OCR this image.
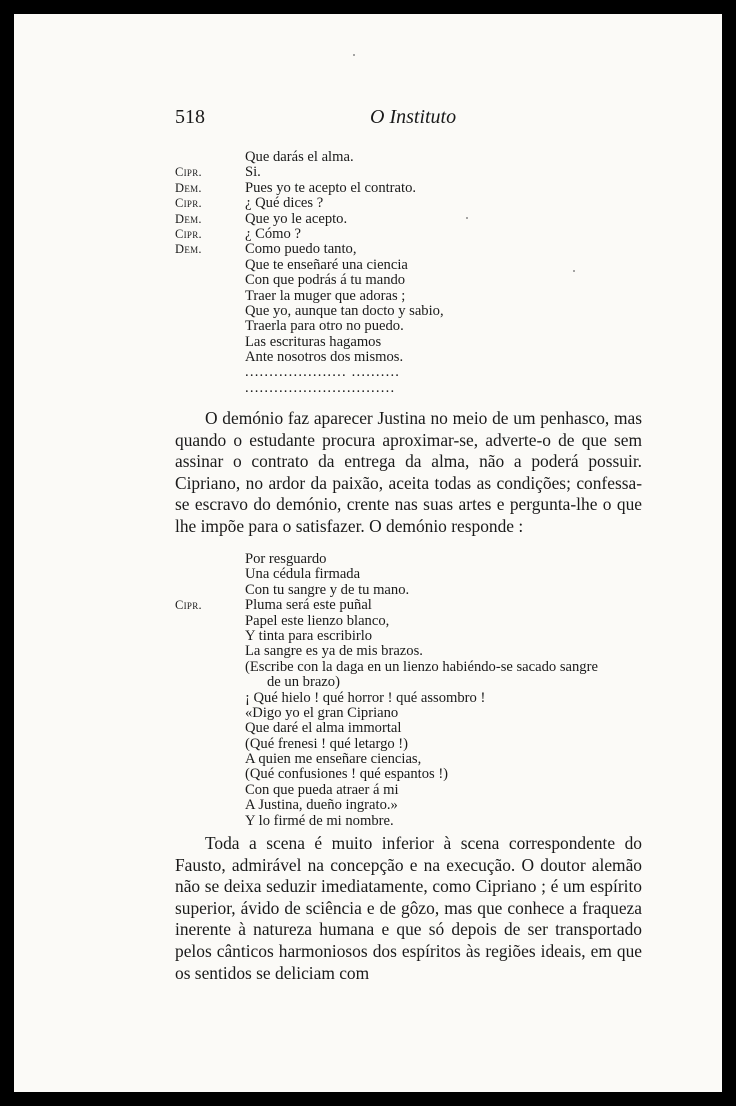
518	O Instituto
Que darás el alma.
Cipr.	Si.
Dem.	Pues yo te acepto el contrato.
Cipr.	¿ Qué dices ?
Dem.	Que yo le acepto.
Cipr.	¿ Cómo ?
Dem.	Como puedo tanto,
Que te enseñaré una ciencia
Con que podrás á tu mando
Traer la muger que adoras ;
Que yo, aunque tan docto y sabio,
Traerla para otro no puedo.
Las escrituras hagamos
Ante nosotros dos mismos.
..................... ..........
...............................

O demónio faz aparecer Justina no meio de um penhasco, mas quando o estudante procura aproximar-se, adverte-o de que sem assinar o contrato da entrega da alma, não a poderá possuir. Cipriano, no ardor da paixão, aceita todas as condições; confessa-se escravo do demónio, crente nas suas artes e pergunta-lhe o que lhe impõe para o satisfazer. O demónio responde :

Por resguardo
Una cédula firmada
Con tu sangre y de tu mano.
Cipr.	Pluma será este puñal
Papel este lienzo blanco,
Y tinta para escribirlo
La sangre es ya de mis brazos.
(Escribe con la daga en un lienzo habiéndo-se sacado sangre
de un brazo)
¡ Qué hielo ! qué horror ! qué assombro !
«Digo yo el gran Cipriano
Que daré el alma immortal
(Qué frenesi ! qué letargo !)
A quien me enseñare ciencias,
(Qué confusiones ! qué espantos !)
Con que pueda atraer á mi
A Justina, dueño ingrato.»
Y lo firmé de mi nombre.

Toda a scena é muito inferior à scena correspondente do Fausto, admirável na concepção e na execução. O doutor alemão não se deixa seduzir imediatamente, como Cipriano ; é um espírito superior, ávido de sciência e de gôzo, mas que conhece a fraqueza inerente à natureza humana e que só depois de ser transportado pelos cânticos harmoniosos dos espíritos às regiões ideais, em que os sentidos se deliciam com
